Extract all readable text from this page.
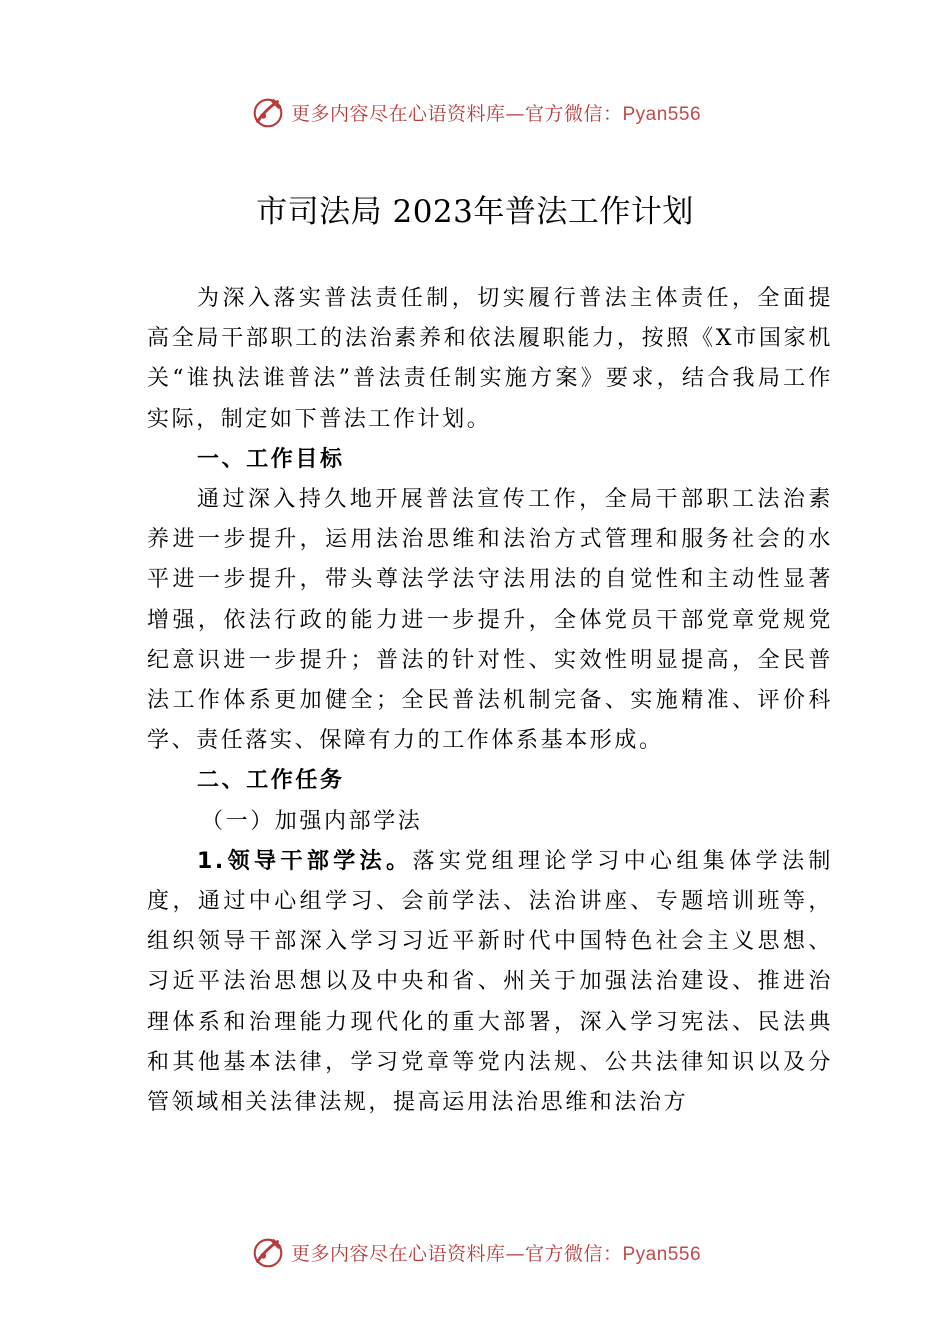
更多内容尽在心语资料库—官方微信：Pyan556
市司法局 2023年普法工作计划

为深入落实普法责任制，切实履行普法主体责任，全面提高全局干部职工的法治素养和依法履职能力，按照《X市国家机关“谁执法谁普法”普法责任制实施方案》要求，结合我局工作实际，制定如下普法工作计划。

一、工作目标

通过深入持久地开展普法宣传工作，全局干部职工法治素养进一步提升，运用法治思维和法治方式管理和服务社会的水平进一步提升，带头尊法学法守法用法的自觉性和主动性显著增强，依法行政的能力进一步提升，全体党员干部党章党规党纪意识进一步提升；普法的针对性、实效性明显提高，全民普法工作体系更加健全；全民普法机制完备、实施精准、评价科学、责任落实、保障有力的工作体系基本形成。

二、工作任务

（一）加强内部学法

1.领导干部学法。落实党组理论学习中心组集体学法制度，通过中心组学习、会前学法、法治讲座、专题培训班等， 组织领导干部深入学习习近平新时代中国特色社会主义思想、习近平法治思想以及中央和省、州关于加强法治建设、推进治理体系和治理能力现代化的重大部署，深入学习宪法、民法典和其他基本法律，学习党章等党内法规、公共法律知识以及分管领域相关法律法规，提高运用法治思维和法治方

更多内容尽在心语资料库—官方微信：Pyan556
